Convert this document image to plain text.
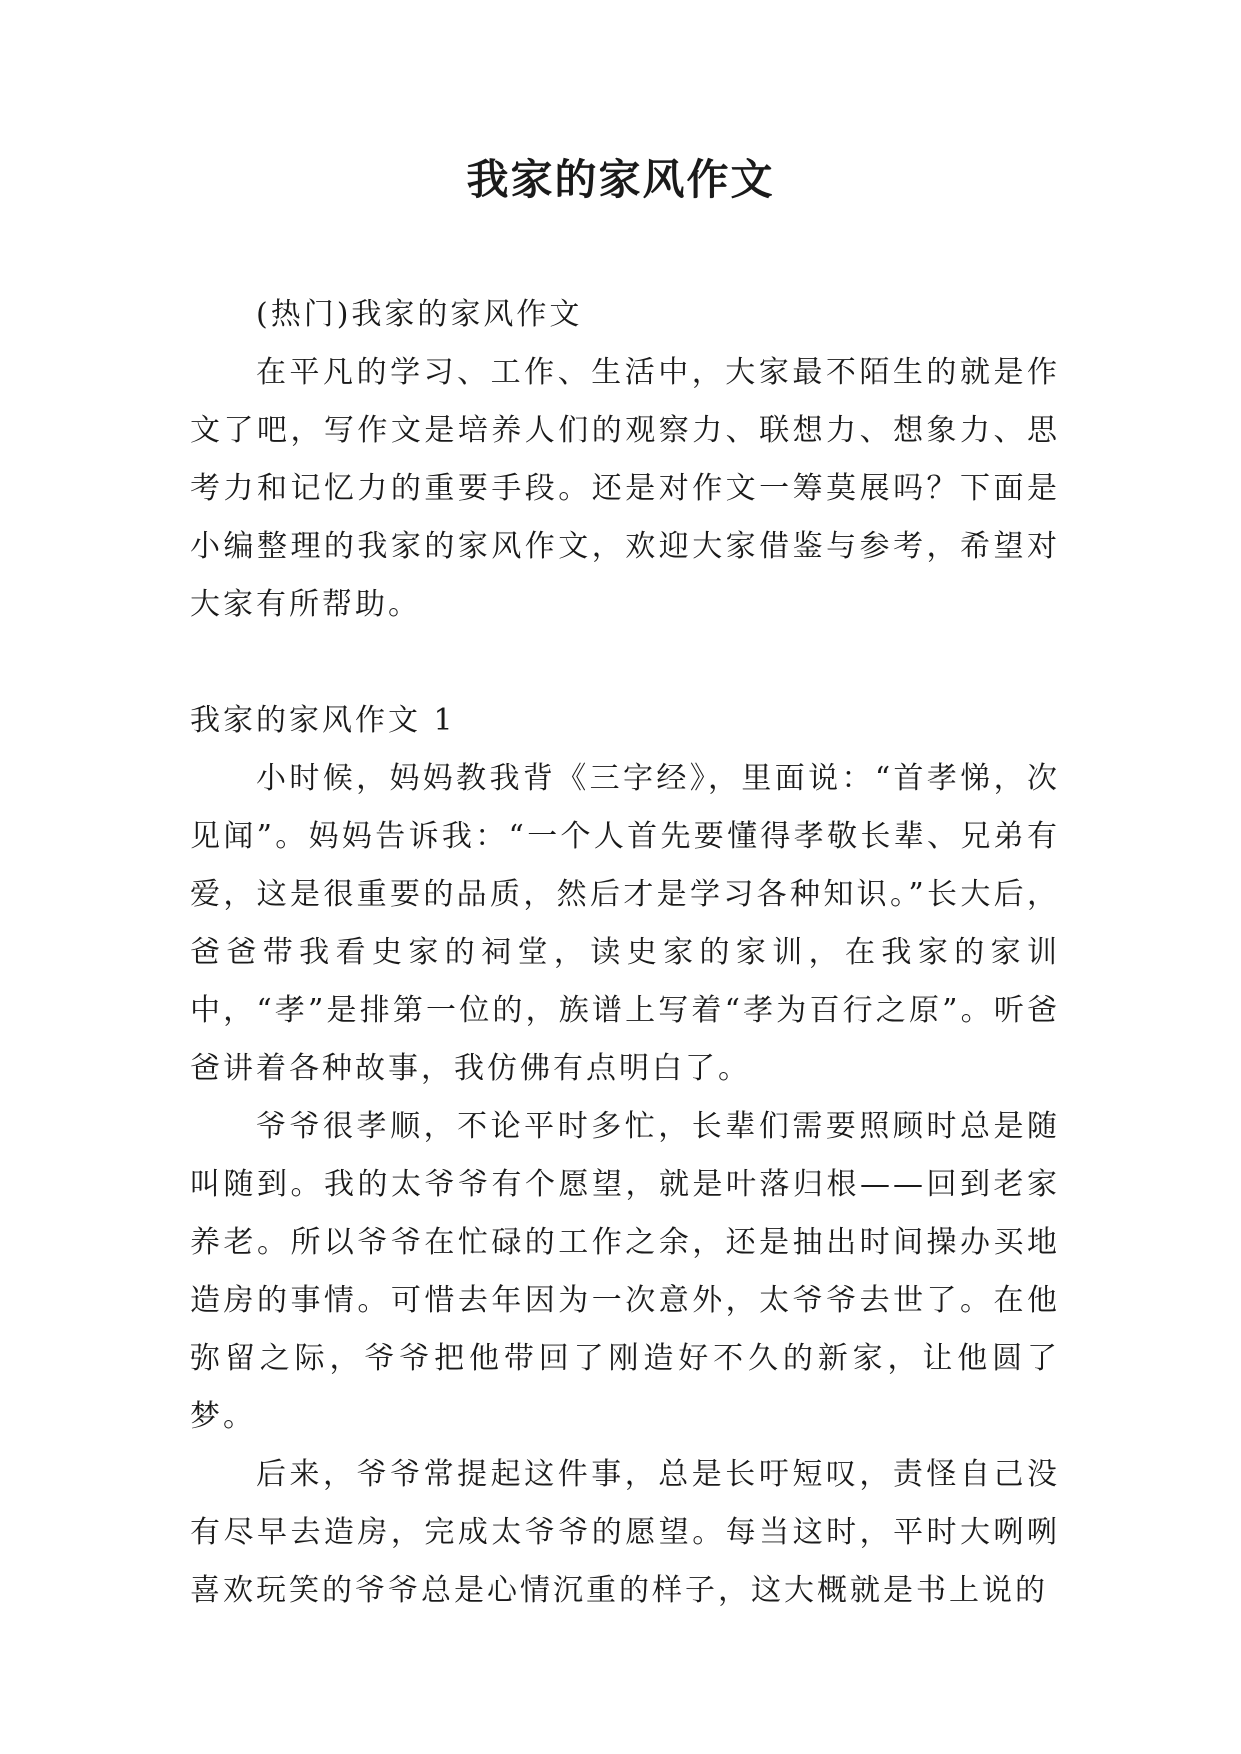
我家的家风作文

(热门)我家的家风作文

在平凡的学习、工作、生活中，大家最不陌生的就是作文了吧，写作文是培养人们的观察力、联想力、想象力、思考力和记忆力的重要手段。还是对作文一筹莫展吗？下面是小编整理的我家的家风作文，欢迎大家借鉴与参考，希望对大家有所帮助。

我家的家风作文 1

小时候，妈妈教我背《三字经》，里面说：“首孝悌，次见闻”。妈妈告诉我：“一个人首先要懂得孝敬长辈、兄弟有爱，这是很重要的品质，然后才是学习各种知识。”长大后，爸爸带我看史家的祠堂，读史家的家训，在我家的家训中，“孝”是排第一位的，族谱上写着“孝为百行之原”。听爸爸讲着各种故事，我仿佛有点明白了。

爷爷很孝顺，不论平时多忙，长辈们需要照顾时总是随叫随到。我的太爷爷有个愿望，就是叶落归根——回到老家养老。所以爷爷在忙碌的工作之余，还是抽出时间操办买地造房的事情。可惜去年因为一次意外，太爷爷去世了。在他弥留之际，爷爷把他带回了刚造好不久的新家，让他圆了梦。

后来，爷爷常提起这件事，总是长吁短叹，责怪自己没有尽早去造房，完成太爷爷的愿望。每当这时，平时大咧咧喜欢玩笑的爷爷总是心情沉重的样子，这大概就是书上说的
